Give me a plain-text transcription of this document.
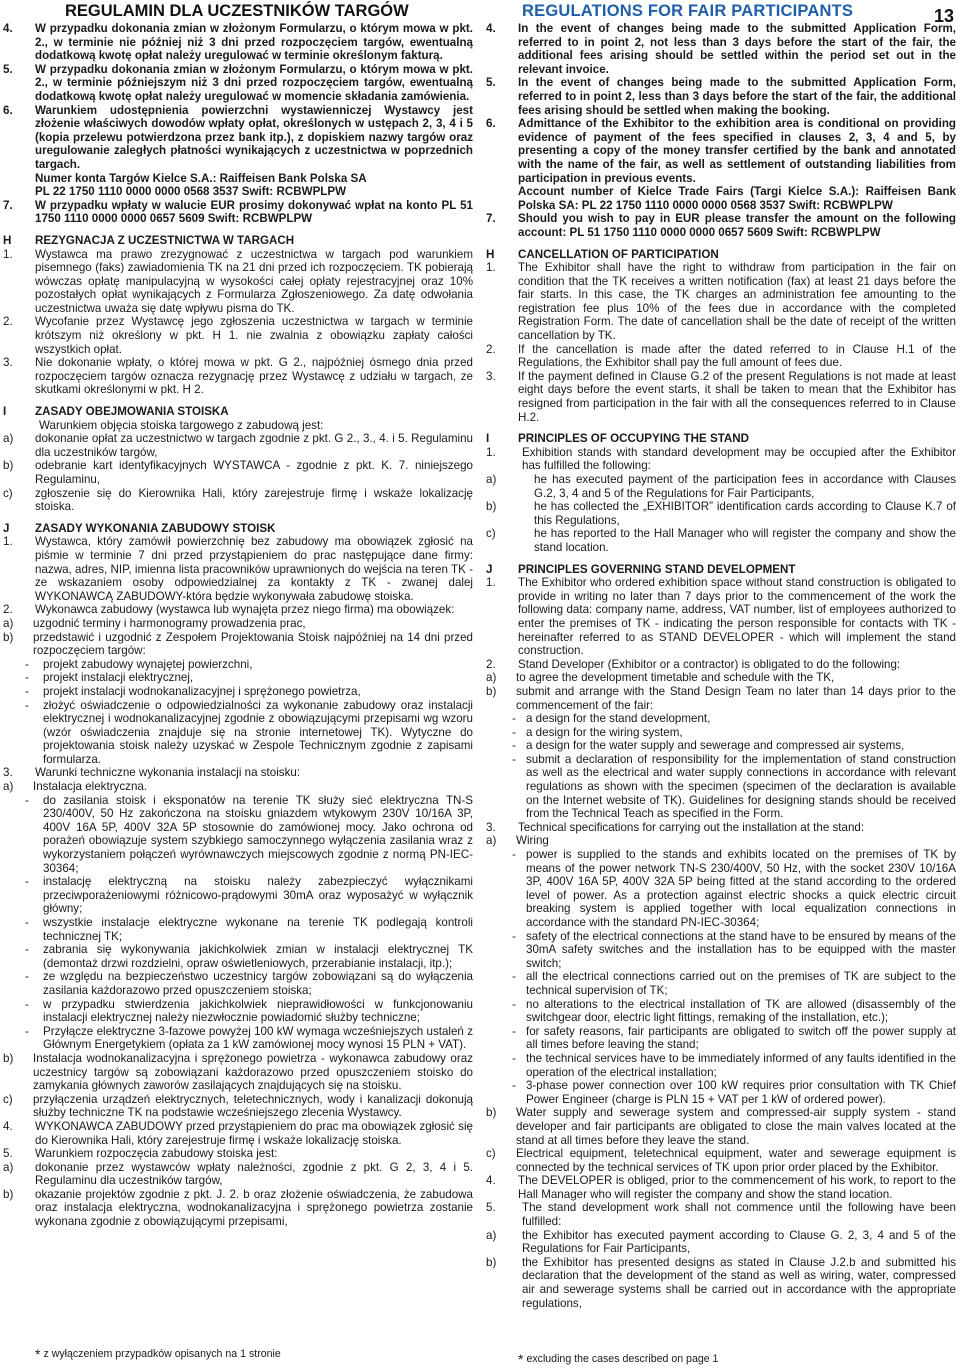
REGULAMIN DLA UCZESTNIKÓW TARGÓW
4. W przypadku dokonania zmian w złożonym Formularzu, o którym mowa w pkt. 2., w terminie nie później niż 3 dni przed rozpoczęciem targów, ewentualną dodatkową kwotę opłat należy uregulować w terminie określonym fakturą.
5. W przypadku dokonania zmian w złożonym Formularzu, o którym mowa w pkt. 2., w terminie późniejszym niż 3 dni przed rozpoczęciem targów, ewentualną dodatkową kwotę opłat należy uregulować w momencie składania zamówienia.
6. Warunkiem udostępnienia powierzchni wystawienniczej Wystawcy jest złożenie właściwych dowodów wpłaty opłat, określonych w ustępach 2, 3, 4 i 5 (kopia przelewu potwierdzona przez bank itp.), z dopiskiem nazwy targów oraz uregulowanie zaległych płatności wynikających z uczestnictwa w poprzednich targach.
Numer konta Targów Kielce S.A.: Raiffeisen Bank Polska SA
PL 22 1750 1110 0000 0000 0568 3537 Swift: RCBWPLPW
7. W przypadku wpłaty w walucie EUR prosimy dokonywać wpłat na konto PL 51 1750 1110 0000 0000 0657 5609 Swift: RCBWPLPW
H REZYGNACJA Z UCZESTNICTWA W TARGACH
1. Wystawca ma prawo zrezygnować z uczestnictwa w targach pod warunkiem pisemnego (faks) zawiadomienia TK na 21 dni przed ich rozpoczęciem. TK pobierają wówczas opłatę manipulacyjną w wysokości całej opłaty rejestracyjnej oraz 10% pozostałych opłat wynikających z Formularza Zgłoszeniowego. Za datę odwołania uczestnictwa uważa się datę wpływu pisma do TK.
2. Wycofanie przez Wystawcę jego zgłoszenia uczestnictwa w targach w terminie krótszym niż określony w pkt. H 1. nie zwalnia z obowiązku zapłaty całości wszystkich opłat.
3. Nie dokonanie wpłaty, o której mowa w pkt. G 2., najpóźniej ósmego dnia przed rozpoczęciem targów oznacza rezygnację przez Wystawcę z udziału w targach, ze skutkami określonymi w pkt. H 2.
I ZASADY OBEJMOWANIA STOISKA
Warunkiem objęcia stoiska targowego z zabudową jest:
a) dokonanie opłat za uczestnictwo w targach zgodnie z pkt. G 2., 3., 4. i 5. Regulaminu dla uczestników targów,
b) odebranie kart identyfikacyjnych WYSTAWCA - zgodnie z pkt. K. 7. niniejszego Regulaminu,
c) zgłoszenie się do Kierownika Hali, który zarejestruje firmę i wskaże lokalizację stoiska.
J ZASADY WYKONANIA ZABUDOWY STOISK
1. Wystawca, który zamówił powierzchnię bez zabudowy ma obowiązek zgłosić na piśmie w terminie 7 dni przed przystąpieniem do prac następujące dane firmy: nazwa, adres, NIP, imienna lista pracowników uprawnionych do wejścia na teren TK - ze wskazaniem osoby odpowiedzialnej za kontakty z TK - zwanej dalej WYKONAWCĄ ZABUDOWY-która będzie wykonywała zabudowę stoiska.
2. Wykonawca zabudowy (wystawca lub wynajęta przez niego firma) ma obowiązek:
a) uzgodnić terminy i harmonogramy prowadzenia prac,
b) przedstawić i uzgodnić z Zespołem Projektowania Stoisk najpóźniej na 14 dni przed rozpoczęciem targów:
- projekt zabudowy wynajętej powierzchni,
- projekt instalacji elektrycznej,
- projekt instalacji wodnokanalizacyjnej i sprężonego powietrza,
- złożyć oświadczenie o odpowiedzialności za wykonanie zabudowy oraz instalacji elektrycznej i wodnokanalizacyjnej zgodnie z obowiązującymi przepisami wg wzoru (wzór oświadczenia znajduje się na stronie internetowej TK). Wytyczne do projektowania stoisk należy uzyskać w Zespole Technicznym zgodnie z zapisami formularza.
3. Warunki techniczne wykonania instalacji na stoisku:
a) Instalacja elektryczna.
- do zasilania stoisk i eksponatów na terenie TK służy sieć elektryczna TN-S 230/400V, 50 Hz zakończona na stoisku gniazdem wtykowym 230V 10/16A 3P, 400V 16A 5P, 400V 32A 5P stosownie do zamówionej mocy. Jako ochrona od porażeń obowiązuje system szybkiego samoczynnego wyłączenia zasilania wraz z wykorzystaniem połączeń wyrównawczych miejscowych zgodnie z normą PN-IEC-30364;
- instalację elektryczną na stoisku należy zabezpieczyć wyłącznikami przeciwporażeniowymi różnicowo-prądowymi 30mA oraz wyposażyć w wyłącznik główny;
- wszystkie instalacje elektryczne wykonane na terenie TK podlegają kontroli technicznej TK;
- zabrania się wykonywania jakichkolwiek zmian w instalacji elektrycznej TK (demontaż drzwi rozdzielni, opraw oświetleniowych, przerabianie instalacji, itp.);
- ze względu na bezpieczeństwo uczestnicy targów zobowiązani są do wyłączenia zasilania każdorazowo przed opuszczeniem stoiska;
- w przypadku stwierdzenia jakichkolwiek nieprawidłowości w funkcjonowaniu instalacji elektrycznej należy niezwłocznie powiadomić służby techniczne;
- Przyłącze elektryczne 3-fazowe powyżej 100 kW wymaga wcześniejszych ustaleń z Głównym Energetykiem (opłata za 1 kW zamówionej mocy wynosi 15 PLN + VAT).
b) Instalacja wodnokanalizacyjna i sprężonego powietrza - wykonawca zabudowy oraz uczestnicy targów są zobowiązani każdorazowo przed opuszczeniem stoisko do zamykania głównych zaworów zasilających znajdujących się na stoisku.
c) przyłączenia urządzeń elektrycznych, teletechnicznych, wody i kanalizacji dokonują służby techniczne TK na podstawie wcześniejszego zlecenia Wystawcy.
4. WYKONAWCA ZABUDOWY przed przystąpieniem do prac ma obowiązek zgłosić się do Kierownika Hali, który zarejestruje firmę i wskaże lokalizację stoiska.
5. Warunkiem rozpoczęcia zabudowy stoiska jest:
a) dokonanie przez wystawców wpłaty należności, zgodnie z pkt. G 2, 3, 4 i 5. Regulaminu dla uczestników targów,
b) okazanie projektów zgodnie z pkt. J. 2. b oraz złożenie oświadczenia, że zabudowa oraz instalacja elektryczna, wodnokanalizacyjna i sprężonego powietrza zostanie wykonana zgodnie z obowiązującymi przepisami,
REGULATIONS FOR FAIR PARTICIPANTS
4. In the event of changes being made to the submitted Application Form, referred to in point 2, not less than 3 days before the start of the fair, the additional fees arising should be settled within the period set out in the relevant invoice.
5. In the event of changes being made to the submitted Application Form, referred to in point 2, less than 3 days before the start of the fair, the additional fees arising should be settled when making the booking.
6. Admittance of the Exhibitor to the exhibition area is conditional on providing evidence of payment of the fees specified in clauses 2, 3, 4 and 5, by presenting a copy of the money transfer certified by the bank and annotated with the name of the fair, as well as settlement of outstanding liabilities from participation in previous events.
Account number of Kielce Trade Fairs (Targi Kielce S.A.): Raiffeisen Bank Polska SA: PL 22 1750 1110 0000 0000 0568 3537 Swift: RCBWPLPW
7. Should you wish to pay in EUR please transfer the amount on the following account: PL 51 1750 1110 0000 0000 0657 5609 Swift: RCBWPLPW
H CANCELLATION OF PARTICIPATION
1. The Exhibitor shall have the right to withdraw from participation in the fair on condition that the TK receives a written notification (fax) at least 21 days before the fair starts. In this case, the TK charges an administration fee amounting to the registration fee plus 10% of the fees due in accordance with the completed Registration Form. The date of cancellation shall be the date of receipt of the written cancellation by TK.
2. If the cancellation is made after the dated referred to in Clause H.1 of the Regulations, the Exhibitor shall pay the full amount of fees due.
3. If the payment defined in Clause G.2 of the present Regulations is not made at least eight days before the event starts, it shall be taken to mean that the Exhibitor has resigned from participation in the fair with all the consequences referred to in Clause H.2.
I PRINCIPLES OF OCCUPYING THE STAND
1. Exhibition stands with standard development may be occupied after the Exhibitor has fulfilled the following:
a)	he has executed payment of the participation fees in accordance with Clauses G.2, 3, 4 and 5 of the Regulations for Fair Participants,
b)	he has collected the „EXHIBITOR” identification cards according to Clause K.7 of this Regulations,
c)	he has reported to the Hall Manager who will register the company and show the stand location.
J PRINCIPLES GOVERNING STAND DEVELOPMENT
1. The Exhibitor who ordered exhibition space without stand construction is obligated to provide in writing no later than 7 days prior to the commencement of the work the following data: company name, address, VAT number, list of employees authorized to enter the premises of TK - indicating the person responsible for contacts with TK - hereinafter referred to as STAND DEVELOPER - which will implement the stand construction.
2. Stand Developer (Exhibitor or a contractor) is obligated to do the following:
a) to agree the development timetable and schedule with the TK,
b) submit and arrange with the Stand Design Team no later than 14 days prior to the commencement of the fair:
- a design for the stand development,
- a design for the wiring system,
- a design for the water supply and sewerage and compressed air systems,
- submit a declaration of responsibility for the implementation of stand construction as well as the electrical and water supply connections in accordance with relevant regulations as shown with the specimen (specimen of the declaration is available on the Internet website of TK). Guidelines for designing stands should be received from the Technical Teach as specified in the Form.
3. Technical specifications for carrying out the installation at the stand:
a) Wiring
- power is supplied to the stands and exhibits located on the premises of TK by means of the power network TN-S 230/400V, 50 Hz, with the socket 230V 10/16A 3P, 400V 16A 5P, 400V 32A 5P being fitted at the stand according to the ordered level of power. As a protection against electric shocks a quick electric circuit breaking system is applied together with local equalization connections in accordance with the standard PN-IEC-30364;
- safety of the electrical connections at the stand have to be ensured by means of the 30mA safety switches and the installation has to be equipped with the master switch;
- all the electrical connections carried out on the premises of TK are subject to the technical supervision of TK;
- no alterations to the electrical installation of TK are allowed (disassembly of the switchgear door, electric light fittings, remaking of the installation, etc.);
- for safety reasons, fair participants are obligated to switch off the power supply at all times before leaving the stand;
- the technical services have to be immediately informed of any faults identified in the operation of the electrical installation;
- 3-phase power connection over 100 kW requires prior consultation with TK Chief Power Engineer (charge is PLN 15 + VAT per 1 kW of ordered power).
b) Water supply and sewerage system and compressed-air supply system - stand developer and fair participants are obligated to close the main valves located at the stand at all times before they leave the stand.
c) Electrical equipment, teletechnical equipment, water and sewerage equipment is connected by the technical services of TK upon prior order placed by the Exhibitor.
4. The DEVELOPER is obliged, prior to the commencement of his work, to report to the Hall Manager who will register the company and show the stand location.
5. The stand development work shall not commence until the following have been fulfilled:
a) the Exhibitor has executed payment according to Clause G. 2, 3, 4 and 5 of the Regulations for Fair Participants,
b) the Exhibitor has presented designs as stated in Clause J.2.b and submitted his declaration that the development of the stand as well as wiring, water, compressed air and sewerage systems shall be carried out in accordance with the appropriate regulations,
13
* z wyłączeniem przypadków opisanych na 1 stronie	* excluding the cases described on page 1
